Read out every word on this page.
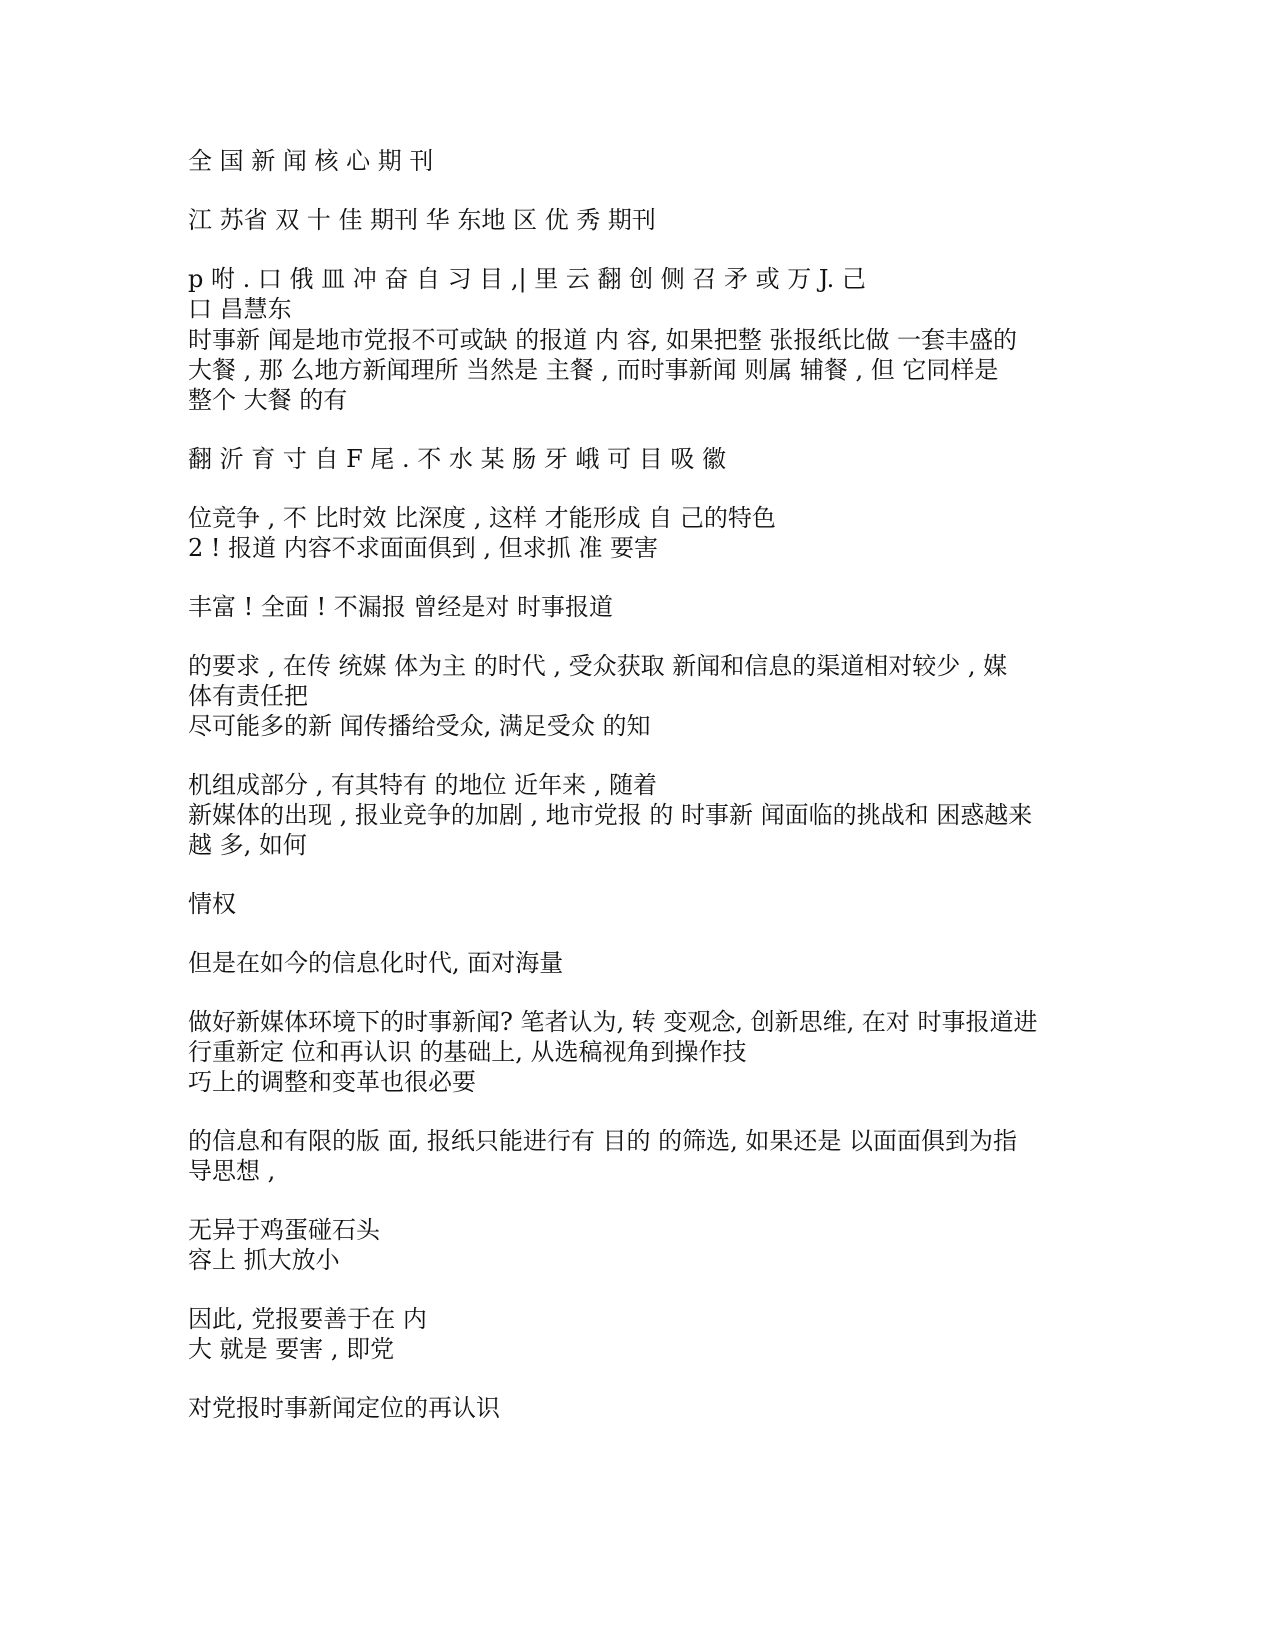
全 国 新 闻 核 心 期 刊
江 苏省 双 十 佳 期刊 华 东地 区 优 秀 期刊
p 咐 . 口 俄 皿 冲 奋 自 习 目 ,| 里 云 翻 创 侧 召 矛 或 万 J. 己
口 昌慧东
时事新 闻是地市党报不可或缺 的报道 内 容, 如果把整 张报纸比做 一套丰盛的
大餐 , 那 么地方新闻理所 当然是 主餐 , 而时事新闻 则属 辅餐 , 但 它同样是
整个 大餐 的有
翻 沂 育 寸 自 F 尾 . 不 水 某 肠 牙 峨 可 目 吸 徽
位竞争 , 不 比时效 比深度 , 这样 才能形成 自 己的特色
2 ! 报道 内容不求面面俱到 , 但求抓 准 要害
丰富 ! 全面 ! 不漏报 曾经是对 时事报道
的要求 , 在传 统媒 体为主 的时代 , 受众获取 新闻和信息的渠道相对较少 , 媒
体有责任把
尽可能多的新 闻传播给受众, 满足受众 的知
机组成部分 , 有其特有 的地位 近年来 , 随着
新媒体的出现 , 报业竞争的加剧 , 地市党报 的 时事新 闻面临的挑战和 困惑越来
越 多, 如何
情权
但是在如今的信息化时代, 面对海量
做好新媒体环境下的时事新闻? 笔者认为, 转 变观念, 创新思维, 在对 时事报道进
行重新定 位和再认识 的基础上, 从选稿视角到操作技
巧上的调整和变革也很必要
的信息和有限的版 面, 报纸只能进行有 目的 的筛选, 如果还是 以面面俱到为指
导思想 ,
无异于鸡蛋碰石头
容上 抓大放小
因此, 党报要善于在 内
大 就是 要害 , 即党
对党报时事新闻定位的再认识
